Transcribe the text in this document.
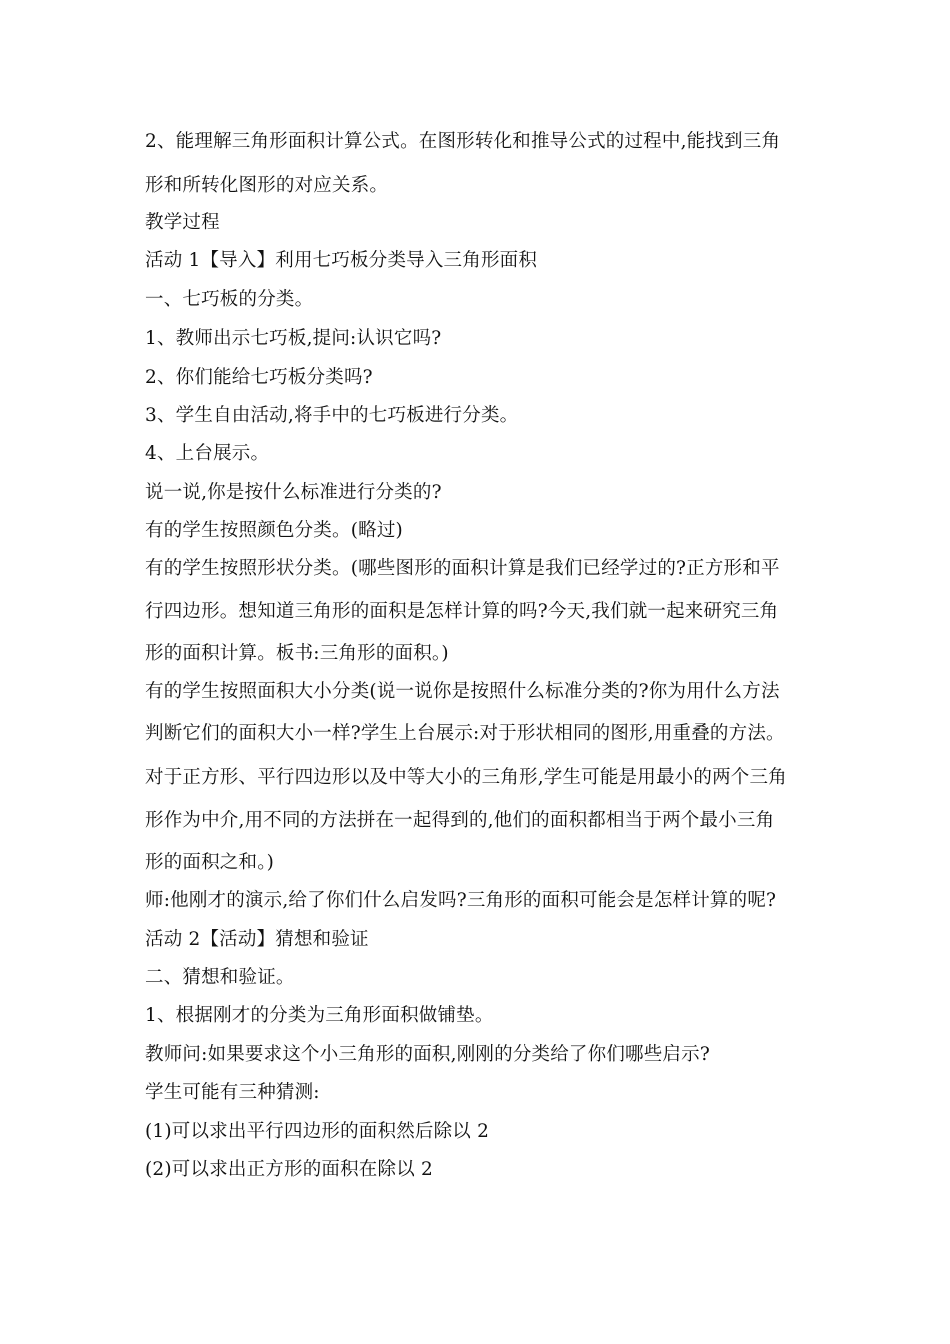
2、能理解三角形面积计算公式。在图形转化和推导公式的过程中,能找到三角
形和所转化图形的对应关系。
教学过程
活动 1【导入】利用七巧板分类导入三角形面积
一、七巧板的分类。
1、教师出示七巧板,提问:认识它吗?
2、你们能给七巧板分类吗?
3、学生自由活动,将手中的七巧板进行分类。
4、上台展示。
说一说,你是按什么标准进行分类的?
有的学生按照颜色分类。(略过)
有的学生按照形状分类。(哪些图形的面积计算是我们已经学过的?正方形和平
行四边形。想知道三角形的面积是怎样计算的吗?今天,我们就一起来研究三角
形的面积计算。板书:三角形的面积。)
有的学生按照面积大小分类(说一说你是按照什么标准分类的?你为用什么方法
判断它们的面积大小一样?学生上台展示:对于形状相同的图形,用重叠的方法。
对于正方形、平行四边形以及中等大小的三角形,学生可能是用最小的两个三角
形作为中介,用不同的方法拼在一起得到的,他们的面积都相当于两个最小三角
形的面积之和。)
师:他刚才的演示,给了你们什么启发吗?三角形的面积可能会是怎样计算的呢?
活动 2【活动】猜想和验证
二、猜想和验证。
1、根据刚才的分类为三角形面积做铺垫。
教师问:如果要求这个小三角形的面积,刚刚的分类给了你们哪些启示?
学生可能有三种猜测:
(1)可以求出平行四边形的面积然后除以 2
(2)可以求出正方形的面积在除以 2
